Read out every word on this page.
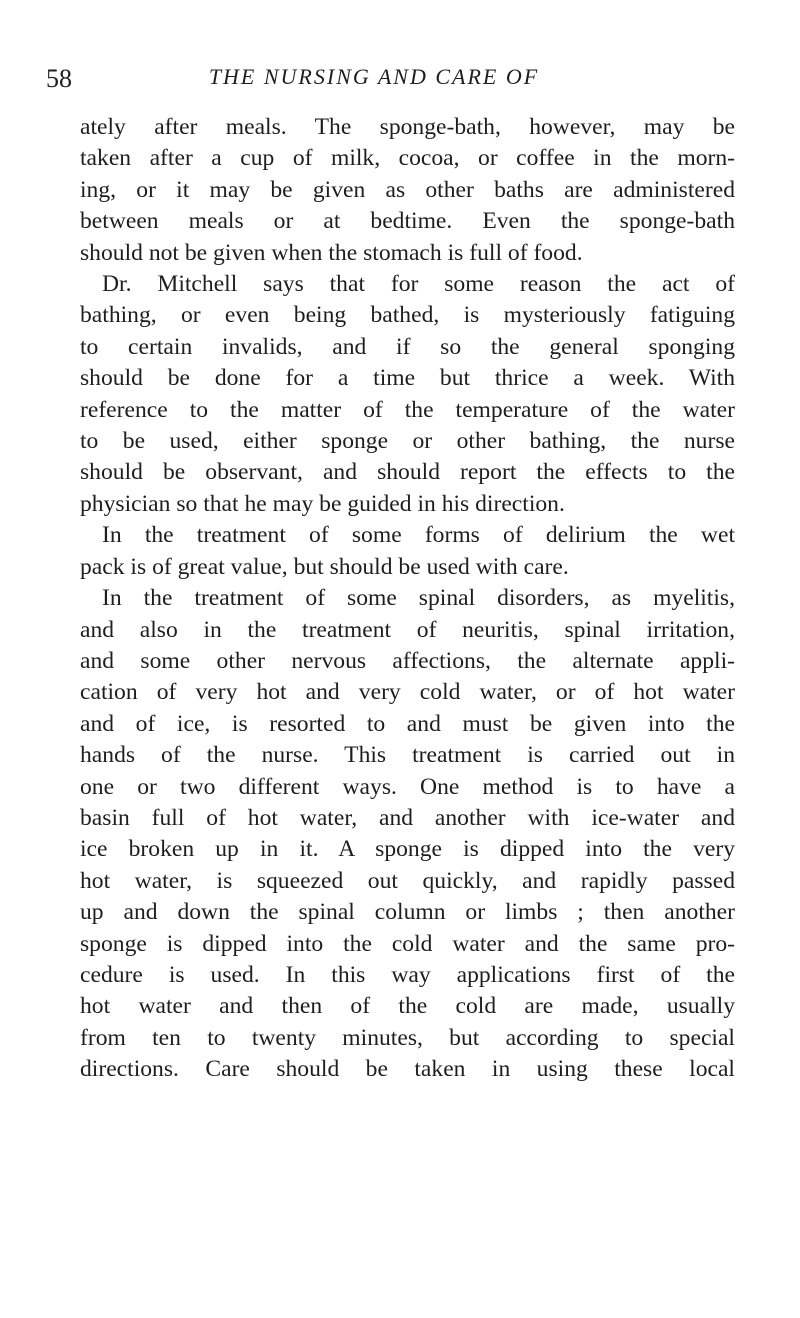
58	THE NURSING AND CARE OF
ately after meals. The sponge-bath, however, may be
taken after a cup of milk, cocoa, or coffee in the morn-
ing, or it may be given as other baths are administered
between meals or at bedtime. Even the sponge-bath
should not be given when the stomach is full of food.
Dr. Mitchell says that for some reason the act of
bathing, or even being bathed, is mysteriously fatiguing
to certain invalids, and if so the general sponging
should be done for a time but thrice a week. With
reference to the matter of the temperature of the water
to be used, either sponge or other bathing, the nurse
should be observant, and should report the effects to the
physician so that he may be guided in his direction.
In the treatment of some forms of delirium the wet
pack is of great value, but should be used with care.
In the treatment of some spinal disorders, as myelitis,
and also in the treatment of neuritis, spinal irritation,
and some other nervous affections, the alternate appli-
cation of very hot and very cold water, or of hot water
and of ice, is resorted to and must be given into the
hands of the nurse. This treatment is carried out in
one or two different ways. One method is to have a
basin full of hot water, and another with ice-water and
ice broken up in it. A sponge is dipped into the very
hot water, is squeezed out quickly, and rapidly passed
up and down the spinal column or limbs ; then another
sponge is dipped into the cold water and the same pro-
cedure is used. In this way applications first of the
hot water and then of the cold are made, usually
from ten to twenty minutes, but according to special
directions. Care should be taken in using these local
